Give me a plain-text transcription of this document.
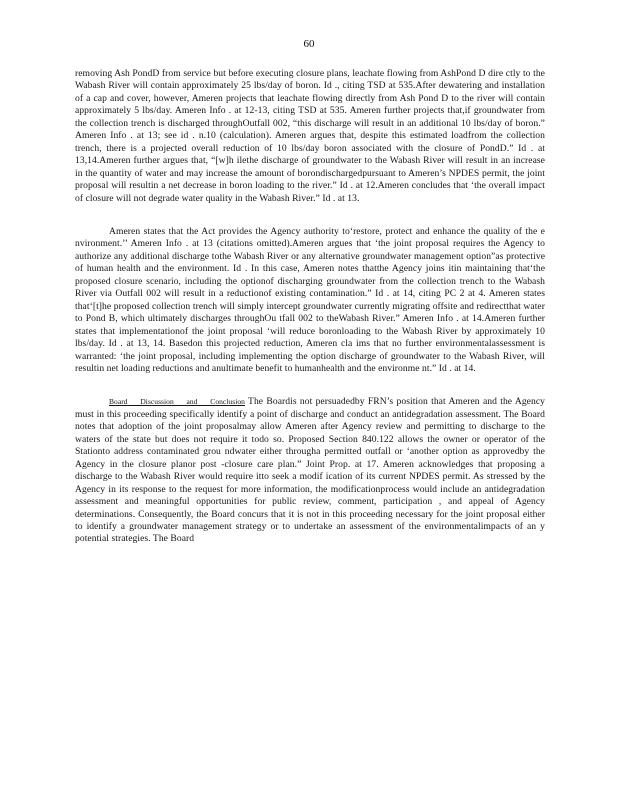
60

removing Ash PondD from service but before executing closure plans, leachate flowing from AshPond D dire ctly to the Wabash River will contain approximately 25 lbs/day of boron. Id ., citing TSD at 535.After dewatering and installation of a cap and cover, however, Ameren projects that leachate flowing directly from Ash Pond D to the river will contain approximately 5 lbs/day. Ameren Info . at 12-13, citing TSD at 535. Ameren further projects that,if groundwater from the collection trench is discharged throughOutfall 002, “this discharge will result in an additional 10 lbs/day of boron.” Ameren Info . at 13; see id . n.10 (calculation). Ameren argues that, despite this estimated loadfrom the collection trench, there is a projected overall reduction of 10 lbs/day boron associated with the closure of PondD.” Id . at 13,14.Ameren further argues that, “[w]h ilethe discharge of groundwater to the Wabash River will result in an increase in the quantity of water and may increase the amount of borondischargedpursuant to Ameren’s NPDES permit, the joint proposal will resultin a net decrease in boron loading to the river.” Id . at 12.Ameren concludes that ‘the overall impact of closure will not degrade water quality in the Wabash River.” Id . at 13.

Ameren states that the Act provides the Agency authority to‘restore, protect and enhance the quality of the e nvironment.’’ Ameren Info . at 13 (citations omitted).Ameren argues that ‘the joint proposal requires the Agency to authorize any additional discharge tothe Wabash River or any alternative groundwater management option”as protective of human health and the environment. Id . In this case, Ameren notes thatthe Agency joins itin maintaining that‘the proposed closure scenario, including the optionof discharging groundwater from the collection trench to the Wabash River via Outfall 002 will result in a reductionof existing contamination.” Id . at 14, citing PC 2 at 4. Ameren states that‘[t]he proposed collection trench will simply intercept groundwater currently migrating offsite and redirectthat water to Pond B, which ultimately discharges throughOu tfall 002 to theWabash River.” Ameren Info . at 14.Ameren further states that implementationof the joint proposal ‘will reduce boronloading to the Wabash River by approximately 10 lbs/day. Id . at 13, 14. Basedon this projected reduction, Ameren cla ims that no further environmentalassessment is warranted: ‘the joint proposal, including implementing the option discharge of groundwater to the Wabash River, will resultin net loading reductions and anultimate benefit to humanhealth and the environme nt.” Id . at 14.

Board Discussion and Conclusion The Boardis not persuadedby FRN’s position that Ameren and the Agency must in this proceeding specifically identify a point of discharge and conduct an antidegradation assessment. The Board notes that adoption of the joint proposalmay allow Ameren after Agency review and permitting to discharge to the waters of the state but does not require it todo so. Proposed Section 840.122 allows the owner or operator of the Stationto address contaminated grou ndwater either througha permitted outfall or ‘another option as approvedby the Agency in the closure planor post -closure care plan.” Joint Prop. at 17. Ameren acknowledges that proposing a discharge to the Wabash River would require itto seek a modif ication of its current NPDES permit. As stressed by the Agency in its response to the request for more information, the modificationprocess would include an antidegradation assessment and meaningful opportunities for public review, comment, participation , and appeal of Agency determinations. Consequently, the Board concurs that it is not in this proceeding necessary for the joint proposal either to identify a groundwater management strategy or to undertake an assessment of the environmentalimpacts of an y potential strategies. The Board
